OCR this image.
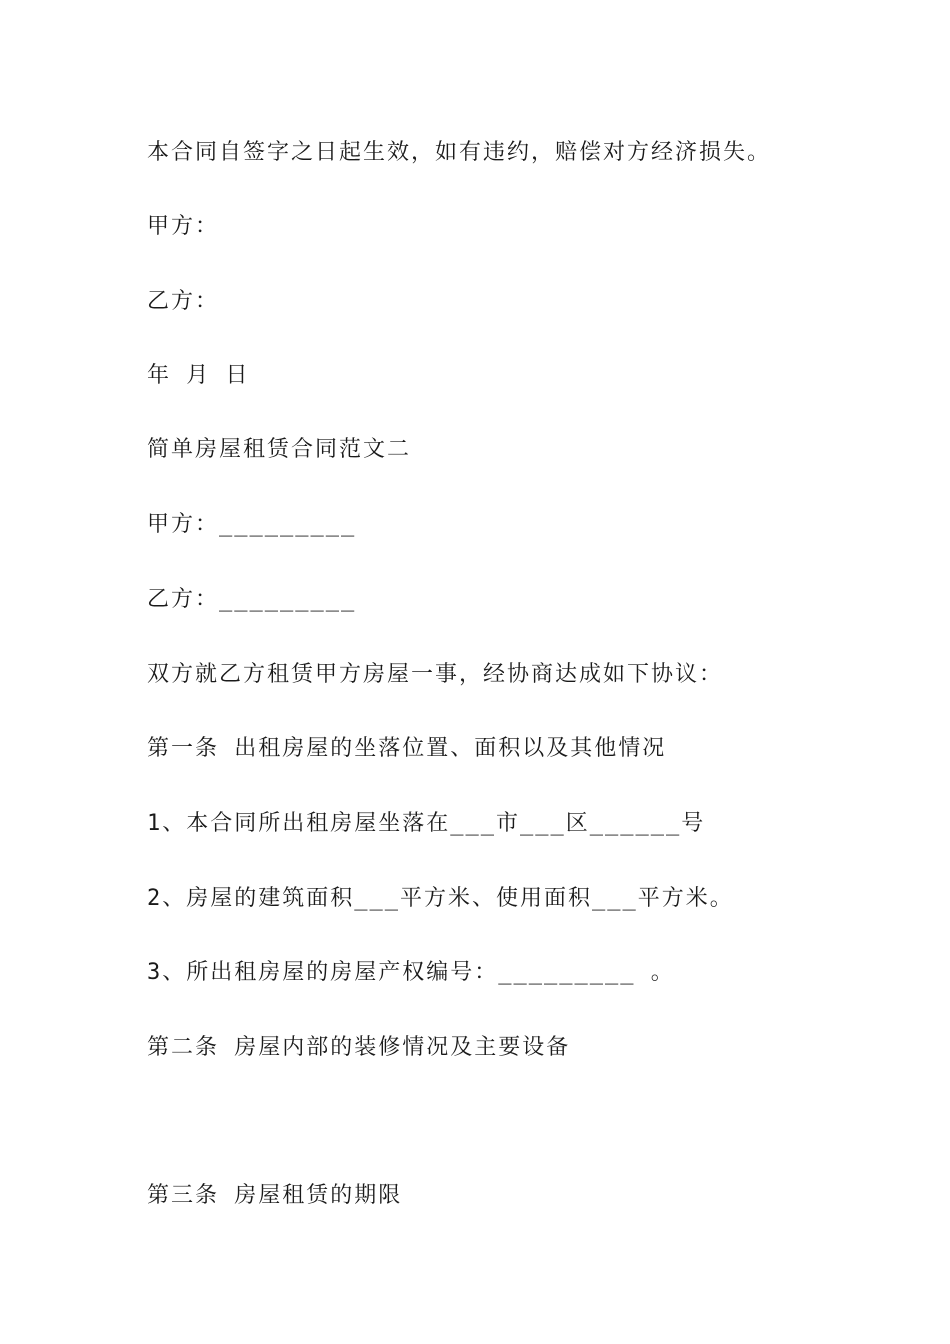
本合同自签字之日起生效，如有违约，赔偿对方经济损失。
甲方：
乙方：
年 月 日
简单房屋租赁合同范文二
甲方：_________
乙方：_________
双方就乙方租赁甲方房屋一事，经协商达成如下协议：
第一条 出租房屋的坐落位置、面积以及其他情况
1、本合同所出租房屋坐落在___市___区______号
2、房屋的建筑面积___平方米、使用面积___平方米。
3、所出租房屋的房屋产权编号：_________ 。
第二条 房屋内部的装修情况及主要设备
第三条 房屋租赁的期限
